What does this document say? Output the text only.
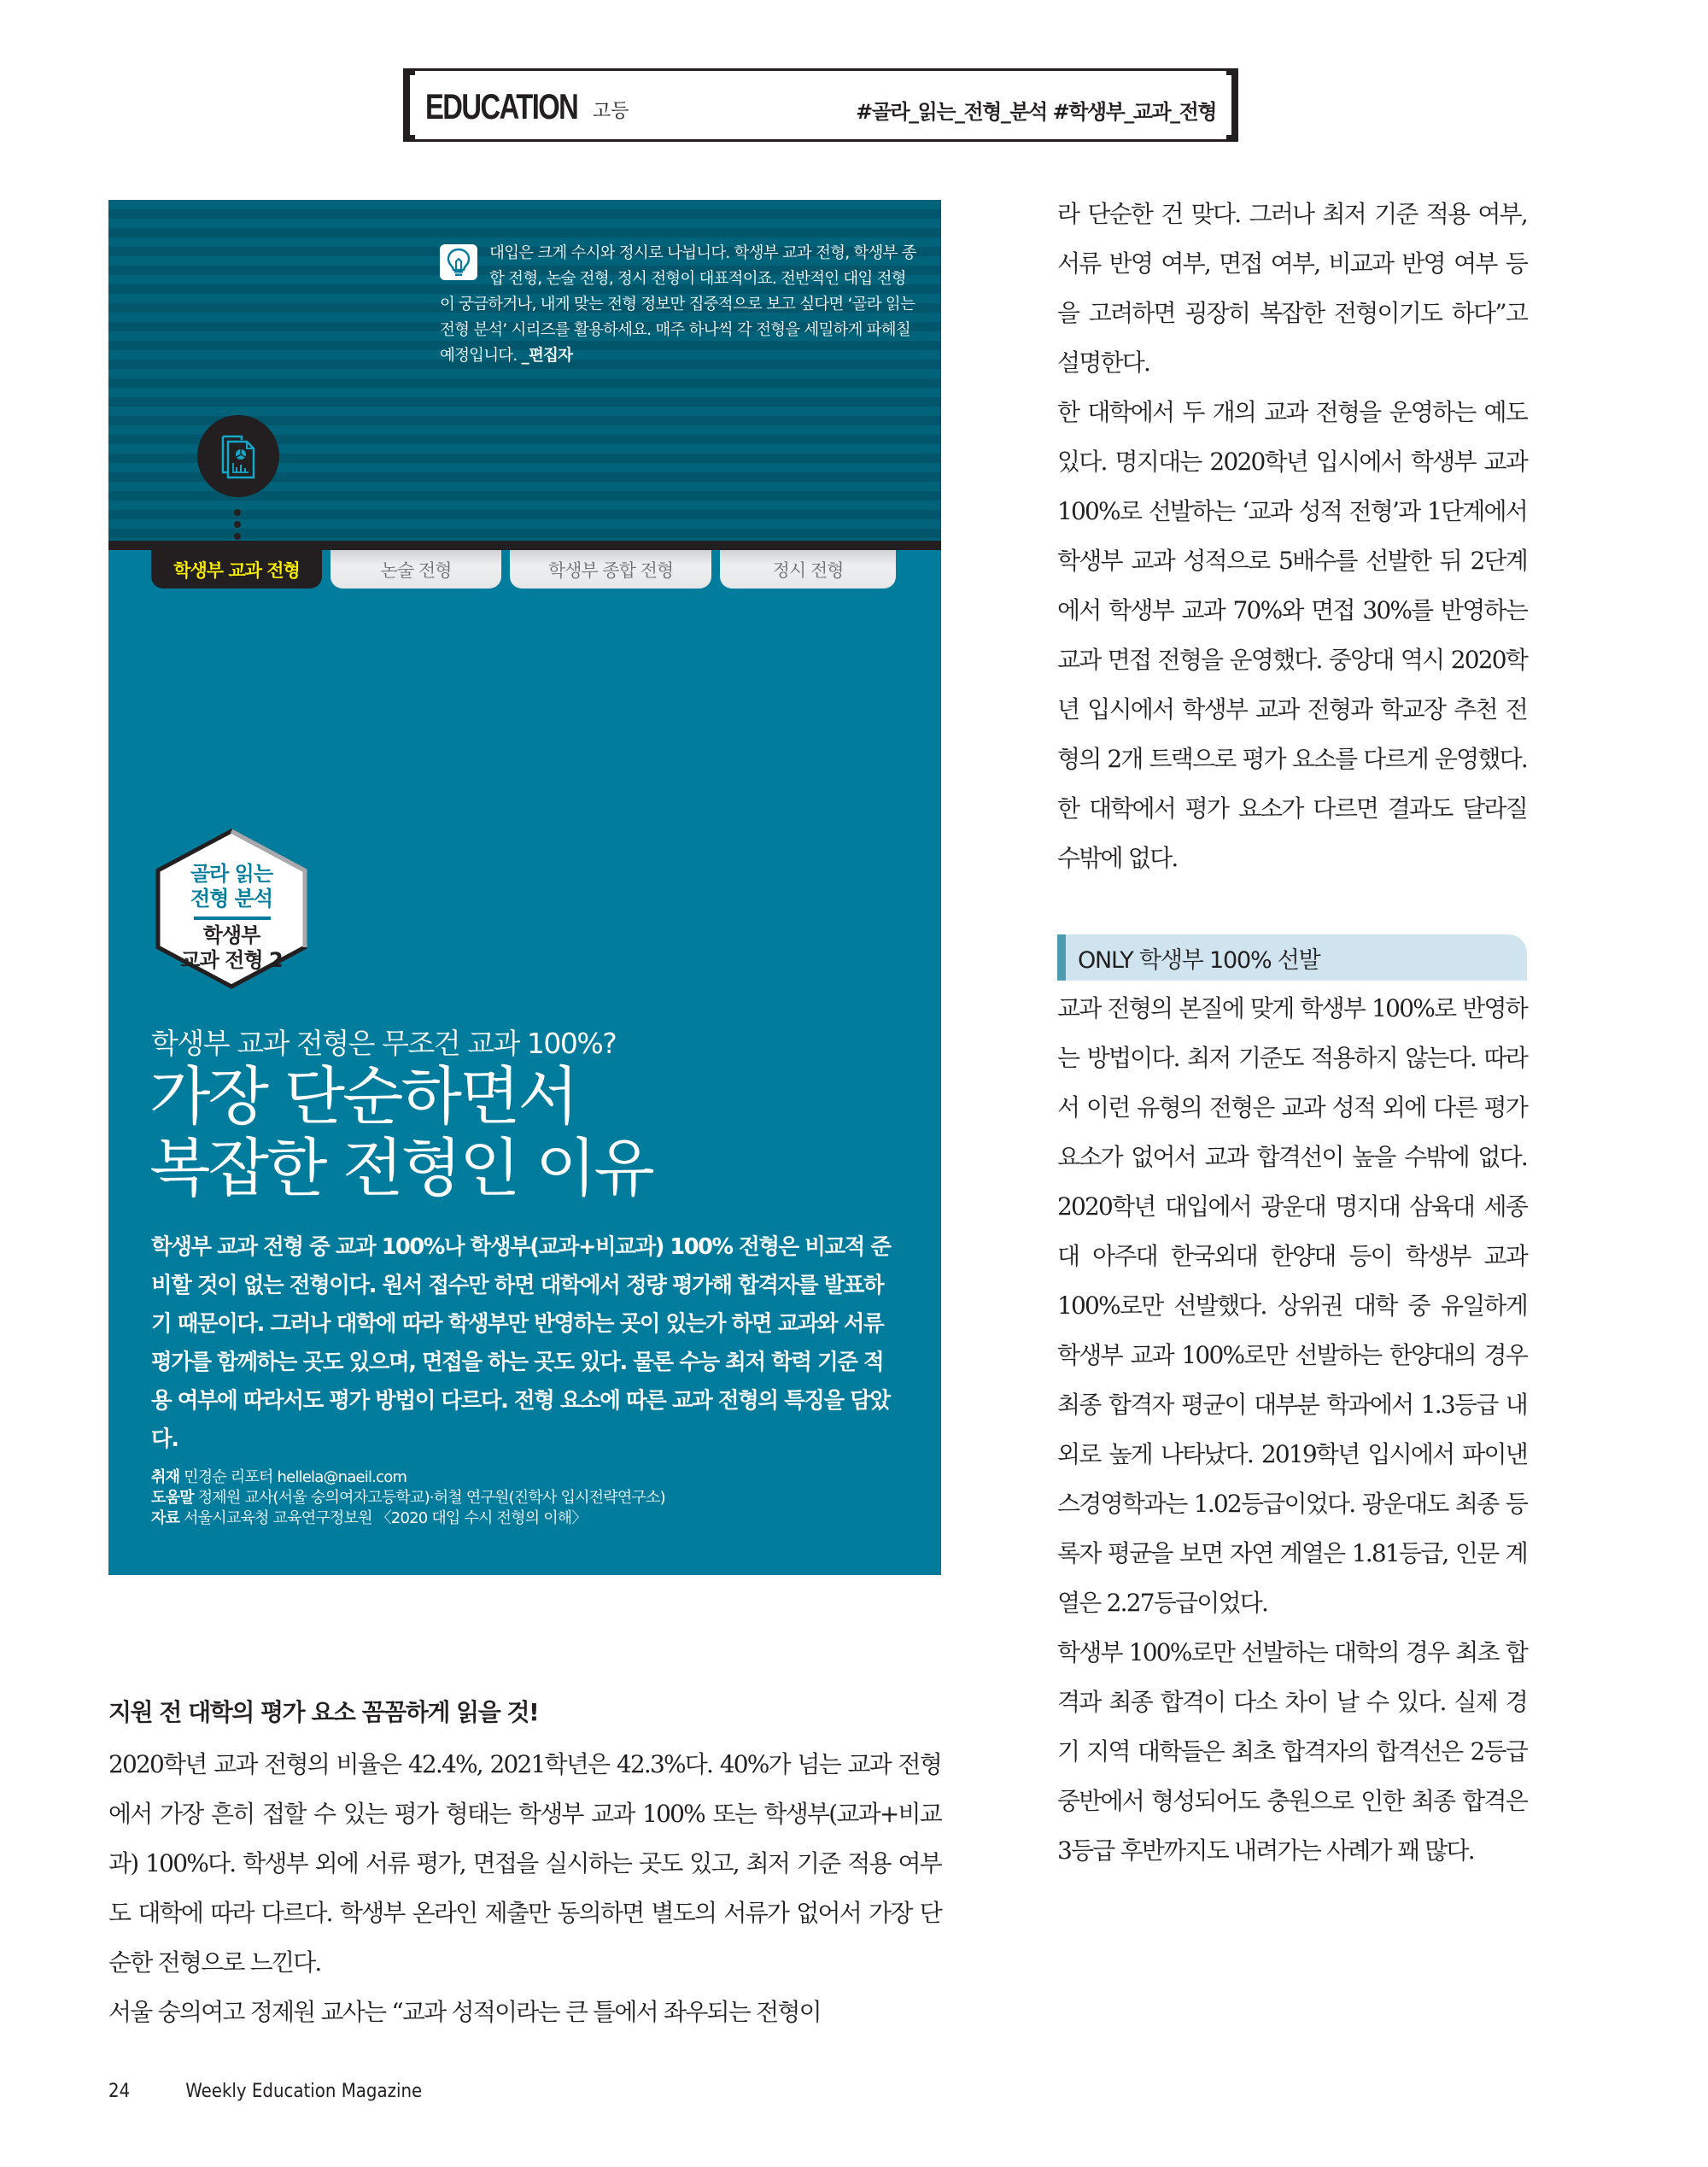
EDUCATION 고등	#골라_읽는_전형_분석 #학생부_교과_전형
대입은 크게 수시와 정시로 나뉩니다. 학생부 교과 전형, 학생부 종합 전형, 논술 전형, 정시 전형이 대표적이죠. 전반적인 대입 전형이 궁금하거나, 내게 맞는 전형 정보만 집중적으로 보고 싶다면 ‘골라 읽는 전형 분석’ 시리즈를 활용하세요. 매주 하나씩 각 전형을 세밀하게 파헤칠 예정입니다. _편집자
학생부 교과 전형	논술 전형	학생부 종합 전형	정시 전형
골라 읽는
전형 분석
학생부
교과 전형 2
학생부 교과 전형은 무조건 교과 100%?
가장 단순하면서
복잡한 전형인 이유

학생부 교과 전형 중 교과 100%나 학생부(교과+비교과) 100% 전형은 비교적 준비할 것이 없는 전형이다. 원서 접수만 하면 대학에서 정량 평가해 합격자를 발표하기 때문이다. 그러나 대학에 따라 학생부만 반영하는 곳이 있는가 하면 교과와 서류 평가를 함께하는 곳도 있으며, 면접을 하는 곳도 있다. 물론 수능 최저 학력 기준 적용 여부에 따라서도 평가 방법이 다르다. 전형 요소에 따른 교과 전형의 특징을 담았다.

취재 민경순 리포터 hellela@naeil.com
도움말 정제원 교사(서울 숭의여자고등학교)·허철 연구원(진학사 입시전략연구소)
자료 서울시교육청 교육연구정보원 〈2020 대입 수시 전형의 이해〉
지원 전 대학의 평가 요소 꼼꼼하게 읽을 것!

2020학년 교과 전형의 비율은 42.4%, 2021학년은 42.3%다. 40%가 넘는 교과 전형에서 가장 흔히 접할 수 있는 평가 형태는 학생부 교과 100% 또는 학생부(교과+비교과) 100%다. 학생부 외에 서류 평가, 면접을 실시하는 곳도 있고, 최저 기준 적용 여부도 대학에 따라 다르다. 학생부 온라인 제출만 동의하면 별도의 서류가 없어서 가장 단순한 전형으로 느낀다.

서울 숭의여고 정제원 교사는 “교과 성적이라는 큰 틀에서 좌우되는 전형이

라 단순한 건 맞다. 그러나 최저 기준 적용 여부, 서류 반영 여부, 면접 여부, 비교과 반영 여부 등을 고려하면 굉장히 복잡한 전형이기도 하다”고 설명한다.

한 대학에서 두 개의 교과 전형을 운영하는 예도 있다. 명지대는 2020학년 입시에서 학생부 교과 100%로 선발하는 ‘교과 성적 전형’과 1단계에서 학생부 교과 성적으로 5배수를 선발한 뒤 2단계에서 학생부 교과 70%와 면접 30%를 반영하는 교과 면접 전형을 운영했다. 중앙대 역시 2020학년 입시에서 학생부 교과 전형과 학교장 추천 전형의 2개 트랙으로 평가 요소를 다르게 운영했다. 한 대학에서 평가 요소가 다르면 결과도 달라질 수밖에 없다.

ONLY 학생부 100% 선발

교과 전형의 본질에 맞게 학생부 100%로 반영하는 방법이다. 최저 기준도 적용하지 않는다. 따라서 이런 유형의 전형은 교과 성적 외에 다른 평가 요소가 없어서 교과 합격선이 높을 수밖에 없다. 2020학년 대입에서 광운대 명지대 삼육대 세종대 아주대 한국외대 한양대 등이 학생부 교과 100%로만 선발했다. 상위권 대학 중 유일하게 학생부 교과 100%로만 선발하는 한양대의 경우 최종 합격자 평균이 대부분 학과에서 1.3등급 내외로 높게 나타났다. 2019학년 입시에서 파이낸스경영학과는 1.02등급이었다. 광운대도 최종 등록자 평균을 보면 자연 계열은 1.81등급, 인문 계열은 2.27등급이었다.

학생부 100%로만 선발하는 대학의 경우 최초 합격과 최종 합격이 다소 차이 날 수 있다. 실제 경기 지역 대학들은 최초 합격자의 합격선은 2등급 중반에서 형성되어도 충원으로 인한 최종 합격은 3등급 후반까지도 내려가는 사례가 꽤 많다.

24	Weekly Education Magazine
